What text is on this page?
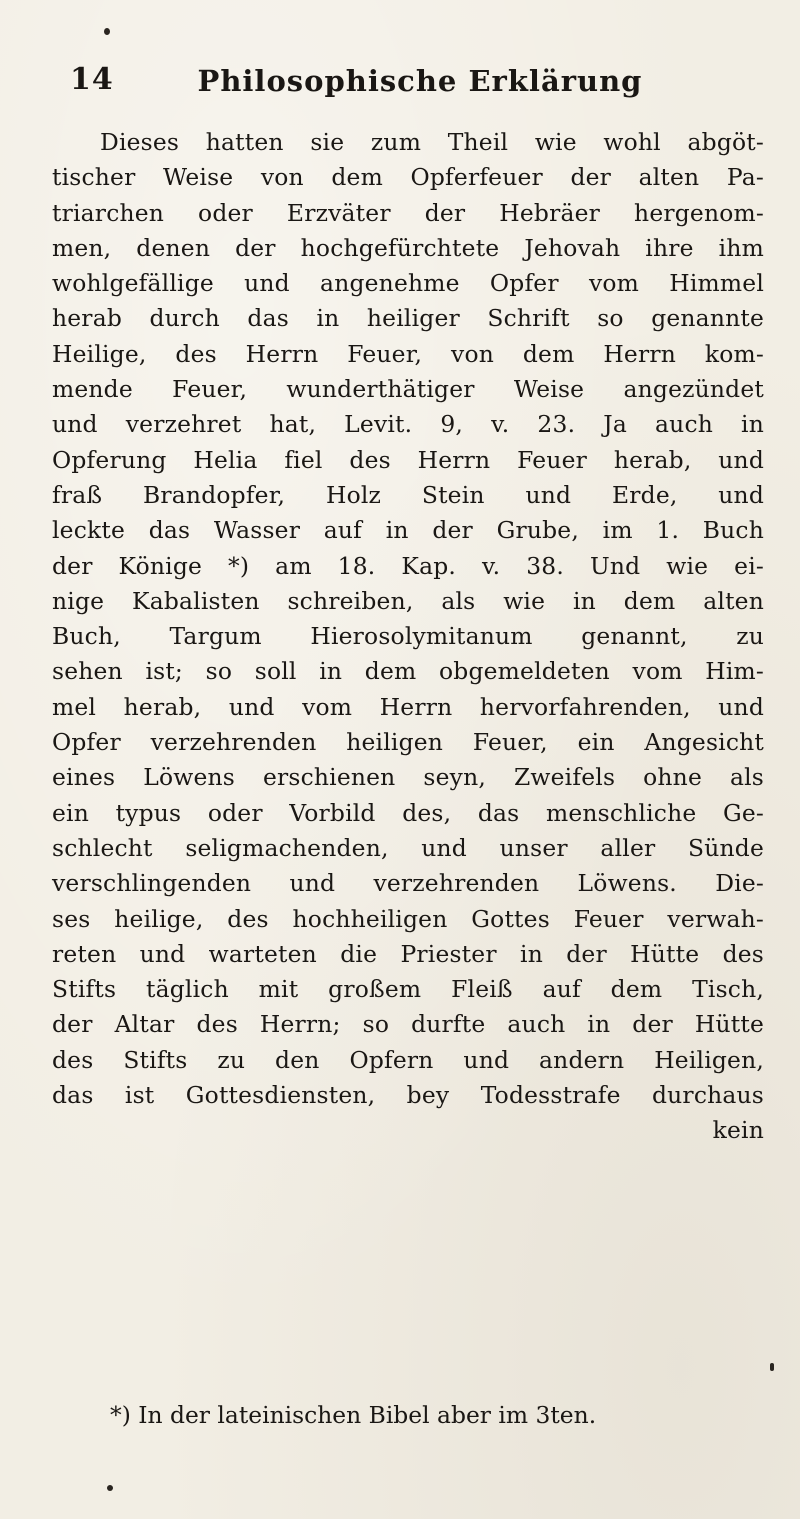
14	Philosophische Erklärung
Dieses hatten sie zum Theil wie wohl abgöt-
tischer Weise von dem Opferfeuer der alten Pa-
triarchen oder Erzväter der Hebräer hergenom-
men, denen der hochgefürchtete Jehovah ihre ihm
wohlgefällige und angenehme Opfer vom Himmel
herab durch das in heiliger Schrift so genannte
Heilige, des Herrn Feuer, von dem Herrn kom-
mende Feuer, wunderthätiger Weise angezündet
und verzehret hat, Levit. 9, v. 23. Ja auch in
Opferung Helia fiel des Herrn Feuer herab, und
fraß Brandopfer, Holz Stein und Erde, und
leckte das Wasser auf in der Grube, im 1. Buch
der Könige *) am 18. Kap. v. 38. Und wie ei-
nige Kabalisten schreiben, als wie in dem alten
Buch, Targum Hierosolymitanum genannt, zu
sehen ist; so soll in dem obgemeldeten vom Him-
mel herab, und vom Herrn hervorfahrenden, und
Opfer verzehrenden heiligen Feuer, ein Angesicht
eines Löwens erschienen seyn, Zweifels ohne als
ein typus oder Vorbild des, das menschliche Ge-
schlecht seligmachenden, und unser aller Sünde
verschlingenden und verzehrenden Löwens. Die-
ses heilige, des hochheiligen Gottes Feuer verwah-
reten und warteten die Priester in der Hütte des
Stifts täglich mit großem Fleiß auf dem Tisch,
der Altar des Herrn; so durfte auch in der Hütte
des Stifts zu den Opfern und andern Heiligen,
das ist Gottesdiensten, bey Todesstrafe durchaus
kein
*) In der lateinischen Bibel aber im 3ten.
